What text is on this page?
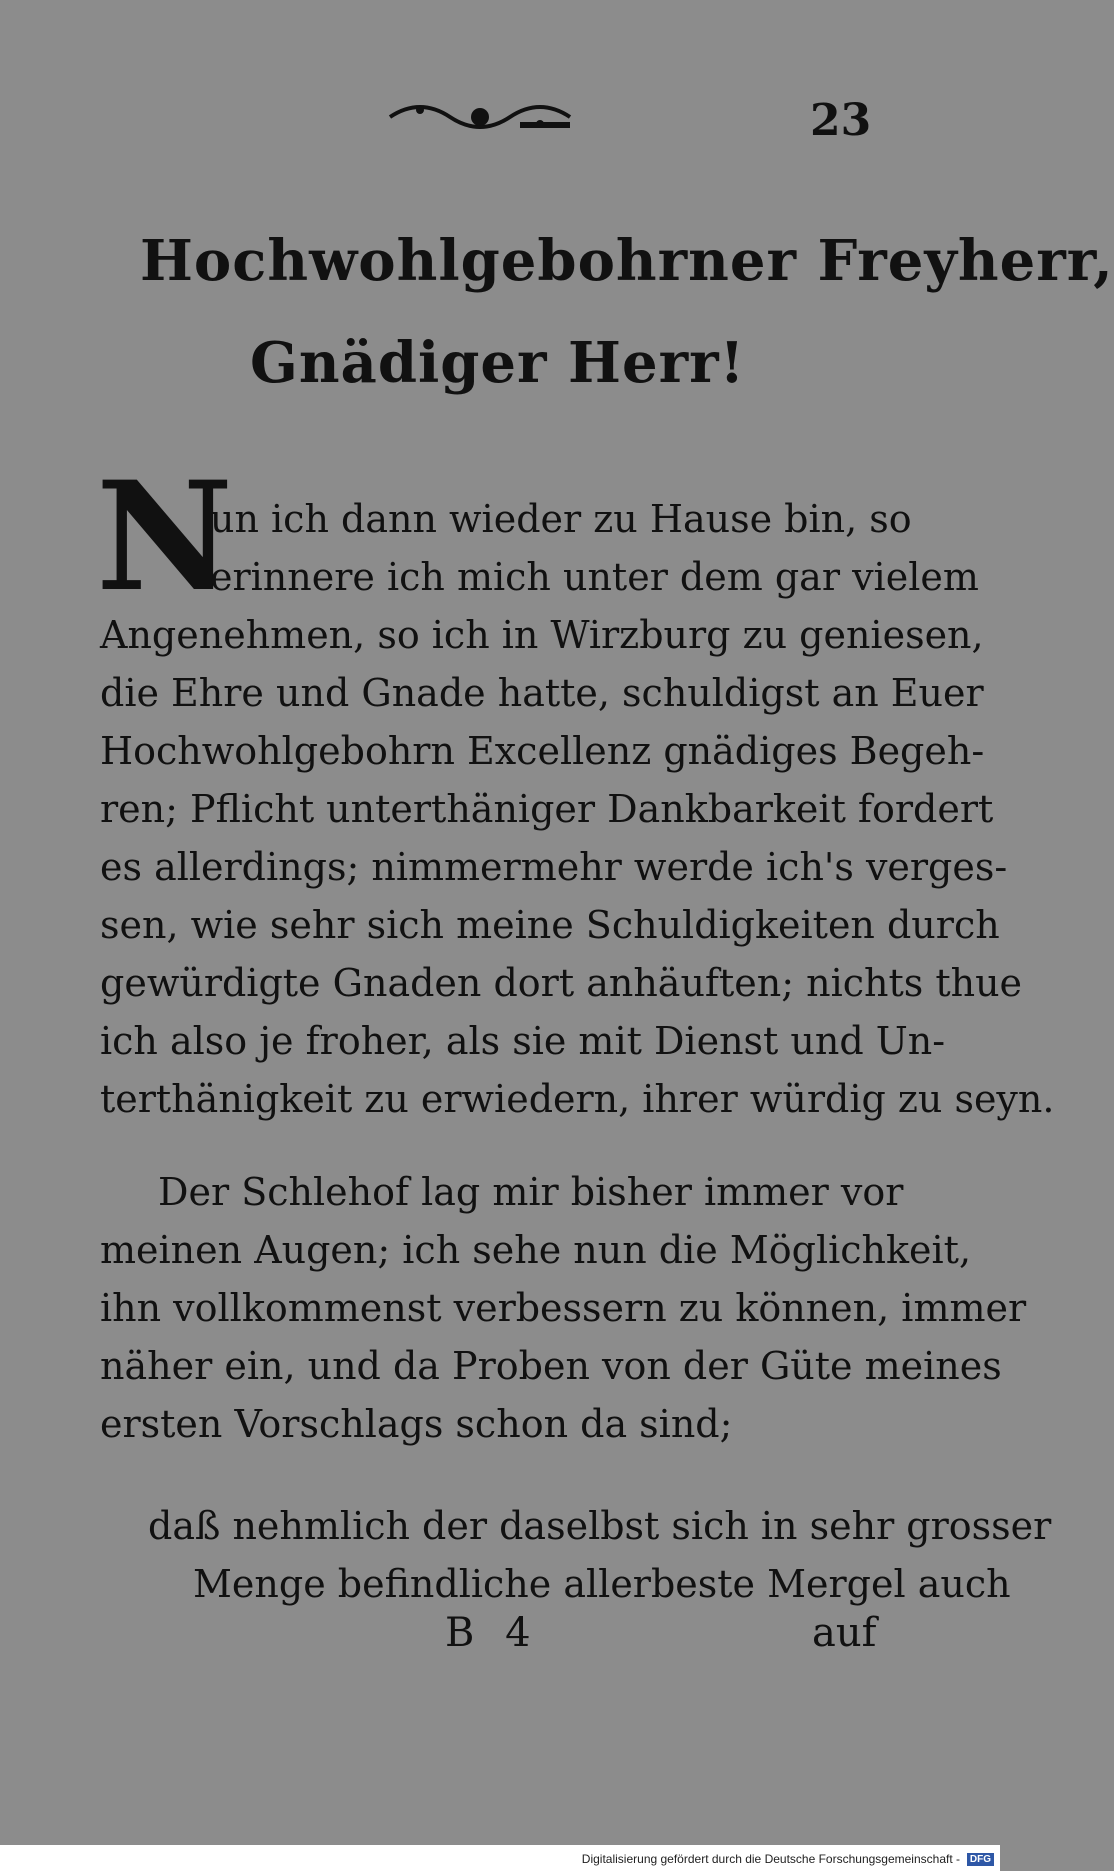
23
Hochwohlgebohrner Freyherr,
Gnädiger Herr!
N
un ich dann wieder zu Hause bin, so
erinnere ich mich unter dem gar vielem
Angenehmen, so ich in Wirzburg zu geniesen,
die Ehre und Gnade hatte, schuldigst an Euer
Hochwohlgebohrn Excellenz gnädiges Begeh-
ren; Pflicht unterthäniger Dankbarkeit fordert
es allerdings; nimmermehr werde ich's verges-
sen, wie sehr sich meine Schuldigkeiten durch
gewürdigte Gnaden dort anhäuften; nichts thue
ich also je froher, als sie mit Dienst und Un-
terthänigkeit zu erwiedern, ihrer würdig zu seyn.
Der Schlehof lag mir bisher immer vor
meinen Augen; ich sehe nun die Möglichkeit,
ihn vollkommenst verbessern zu können, immer
näher ein, und da Proben von der Güte meines
ersten Vorschlags schon da sind;
daß nehmlich der daselbst sich in sehr grosser
Menge befindliche allerbeste Mergel auch
B 4	auf
Digitalisierung gefördert durch die Deutsche Forschungsgemeinschaft - DFG
